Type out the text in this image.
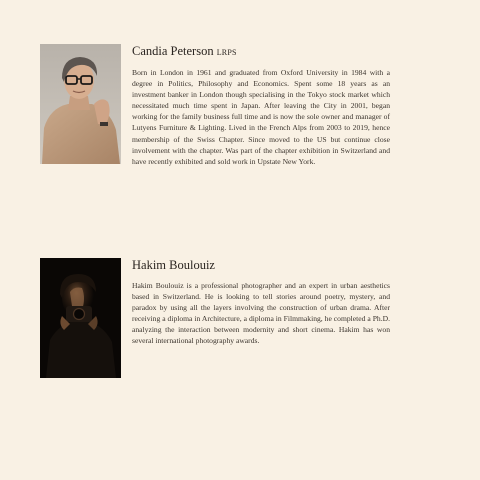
Candia Peterson LRPS

Born in London in 1961 and graduated from Oxford University in 1984 with a degree in Politics, Philosophy and Economics. Spent some 18 years as an investment banker in London though specialising in the Tokyo stock market which necessitated much time spent in Japan. After leaving the City in 2001, began working for the family business full time and is now the sole owner and manager of Lutyens Furniture & Lighting. Lived in the French Alps from 2003 to 2019, hence membership of the Swiss Chapter. Since moved to the US but continue close involvement with the chapter. Was part of the chapter exhibition in Switzerland and have recently exhibited and sold work in Upstate New York.

Hakim Boulouiz

Hakim Boulouiz is a professional photographer and an expert in urban aesthetics based in Switzerland. He is looking to tell stories around poetry, mystery, and paradox by using all the layers involving the construction of urban drama. After receiving a diploma in Architecture, a diploma in Filmmaking, he completed a Ph.D. analyzing the interaction between modernity and short cinema. Hakim has won several international photography awards.
